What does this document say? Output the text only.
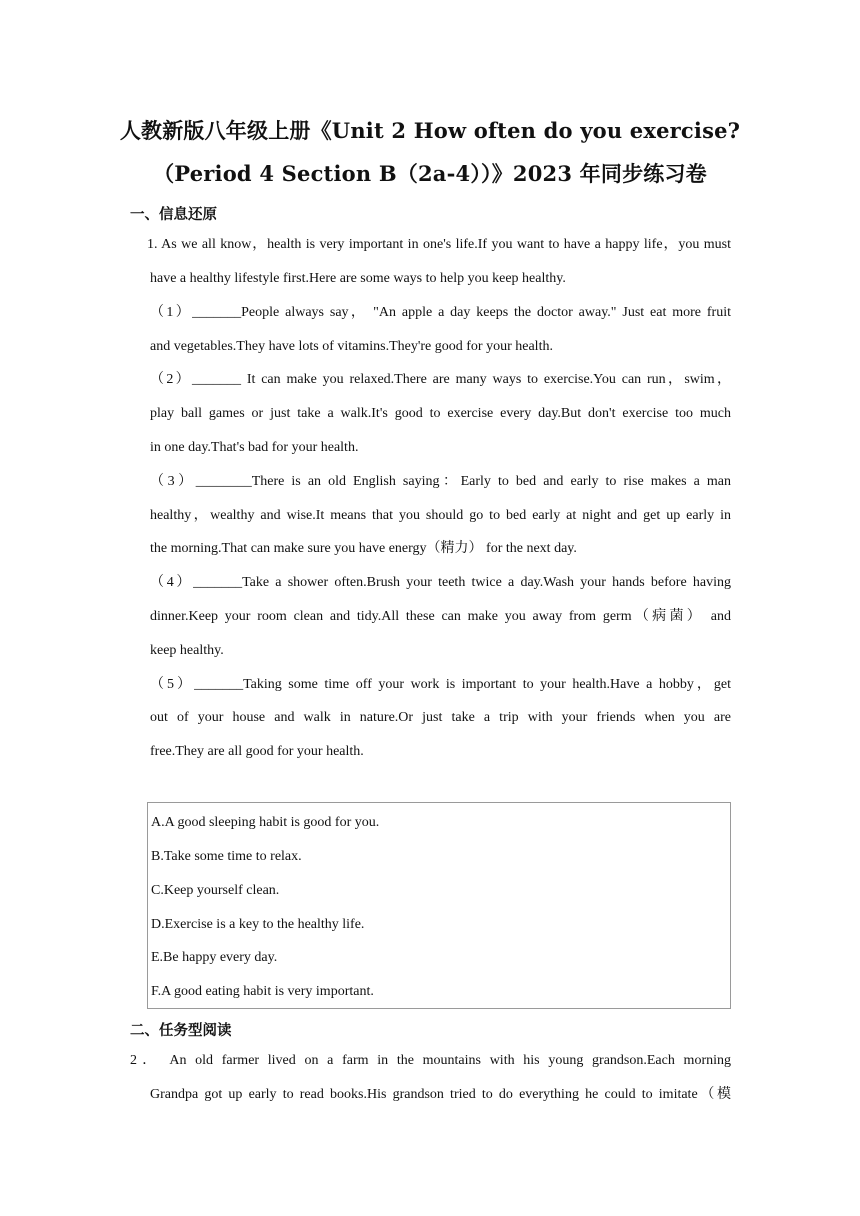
人教新版八年级上册《Unit 2 How often do you exercise?
（Period 4 Section B（2a-4））》2023 年同步练习卷
一、信息还原
1. As we all know，health is very important in one's life.If you want to have a happy life，you must
have a healthy lifestyle first.Here are some ways to help you keep healthy.
（1）_______People always say， "An apple a day keeps the doctor away." Just eat more fruit
and vegetables.They have lots of vitamins.They're good for your health.
（2）_______ It can make you relaxed.There are many ways to exercise.You can run，swim，
play ball games or just take a walk.It's good to exercise every day.But don't exercise too much
in one day.That's bad for your health.
（3）________There is an old English saying：Early to bed and early to rise makes a man
healthy，wealthy and wise.It means that you should go to bed early at night and get up early in
the morning.That can make sure you have energy（精力） for the next day.
（4）_______Take a shower often.Brush your teeth twice a day.Wash your hands before having
dinner.Keep your room clean and tidy.All these can make you away from germ（病菌） and
keep healthy.
（5）_______Taking some time off your work is important to your health.Have a hobby，get
out of your house and walk in nature.Or just take a trip with your friends when you are
free.They are all good for your health.
A.A good sleeping habit is good for you.
B.Take some time to relax.
C.Keep yourself clean.
D.Exercise is a key to the healthy life.
E.Be happy every day.
F.A good eating habit is very important.
二、任务型阅读
2． An old farmer lived on a farm in the mountains with his young grandson.Each morning
Grandpa got up early to read books.His grandson tried to do everything he could to imitate（模
